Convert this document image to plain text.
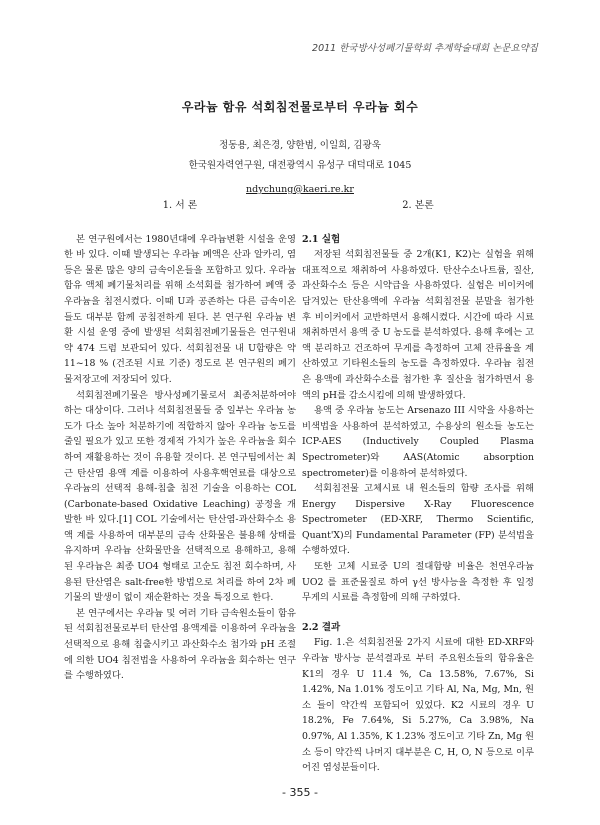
2011 한국방사성폐기물학회 추계학술대회 논문요약집

우라늄 함유 석회침전물로부터 우라늄 회수

정동용, 최은경, 양한범, 이일희, 김광욱

한국원자력연구원, 대전광역시 유성구 대덕대로 1045

ndychung@kaeri.re.kr

1. 서 론

본 연구원에서는 1980년대에 우라늄변환 시설을 운영한 바 있다. 이때 발생되는 우라늄 폐액은 산과 알카리, 염 등은 물론 많은 양의 금속이온들을 포함하고 있다. 우라늄 함유 액체 폐기물처리를 위해 소석회를 첨가하여 폐액 중 우라늄을 침전시켰다. 이때 U과 공존하는 다른 금속이온들도 대부분 함께 공침전하게 된다. 본 연구원 우라늄 변환 시설 운영 중에 발생된 석회침전폐기물들은 연구원내 약 474 드럼 보관되어 있다. 석회침전물 내 U함량은 약 11~18 % (건조된 시료 기준) 정도로 본 연구원의 폐기물저장고에 저장되어 있다.

석회침전폐기물은 방사성폐기물로서 최종처분하여야 하는 대상이다. 그러나 석회침전물들 중 일부는 우라늄 농도가 다소 높아 처분하기에 적합하지 않아 우라늄 농도를 줄일 필요가 있고 또한 경제적 가치가 높은 우라늄을 회수하여 재활용하는 것이 유용할 것이다. 본 연구팀에서는 최근 탄산염 용액 계를 이용하여 사용후핵연료를 대상으로 우라늄의 선택적 용해-침출 침전 기술을 이용하는 COL (Carbonate-based Oxidative Leaching) 공정을 개발한 바 있다.[1] COL 기술에서는 탄산염-과산화수소 용액 계를 사용하여 대부분의 금속 산화물은 불용해 상태를 유지하며 우라늄 산화물만을 선택적으로 용해하고, 용해된 우라늄은 최종 UO4 형태로 고순도 침전 회수하며, 사용된 탄산염은 salt-free한 방법으로 처리를 하여 2차 폐기물의 발생이 없이 재순환하는 것을 특징으로 한다.

본 연구에서는 우라늄 및 여러 기타 금속원소들이 함유된 석회침전물로부터 탄산염 용액계를 이용하여 우라늄을 선택적으로 용해 침출시키고 과산화수소 첨가와 pH 조절에 의한 UO4 침전법을 사용하여 우라늄을 회수하는 연구를 수행하였다.

2. 본론

2.1 실험

저장된 석회침전물들 중 2개(K1, K2)는 실험을 위해 대표적으로 채취하여 사용하였다. 탄산수소나트륨, 질산, 과산화수소 등은 시약급을 사용하였다. 실험은 비이커에 담겨있는 탄산용액에 우라늄 석회침전물 분말을 첨가한 후 비이커에서 교반하면서 용해시켰다. 시간에 따라 시료 채취하면서 용액 중 U 농도를 분석하였다. 용해 후에는 고액 분리하고 건조하여 무게를 측정하여 고체 잔류율을 계산하였고 기타원소들의 농도를 측정하였다. 우라늄 침전은 용액에 과산화수소를 첨가한 후 질산을 첨가하면서 용액의 pH를 감소시킴에 의해 발생하였다.

용액 중 우라늄 농도는 Arsenazo III 시약을 사용하는 비색법을 사용하여 분석하였고, 수용상의 원소들 농도는 ICP-AES (Inductively Coupled Plasma Spectrometer)와 AAS(Atomic absorption spectrometer)를 이용하여 분석하였다.

석회침전물 고체시료 내 원소들의 함량 조사를 위해 Energy Dispersive X-Ray Fluorescence Spectrometer (ED-XRF, Thermo Scientific, Quant'X)의 Fundamental Parameter (FP) 분석법을 수행하였다.

또한 고체 시료중 U의 절대함량 비율은 천연우라늄 UO2 를 표준물질로 하여 γ선 방사능을 측정한 후 일정 무게의 시료를 측정함에 의해 구하였다.

2.2 결과

Fig. 1.은 석회침전물 2가지 시료에 대한 ED-XRF와 우라늄 방사능 분석결과로 부터 주요원소들의 함유율은 K1의 경우 U 11.4 %, Ca 13.58%, 7.67%, Si 1.42%, Na 1.01% 정도이고 기타 Al, Na, Mg, Mn, 원소 들이 약간씩 포함되어 있었다. K2 시료의 경우 U 18.2%, Fe 7.64%, Si 5.27%, Ca 3.98%, Na 0.97%, Al 1.35%, K 1.23% 정도이고 기타 Zn, Mg 원소 등이 약간씩 나머지 대부분은 C, H, O, N 등으로 이루어진 염성분들이다.

- 355 -
